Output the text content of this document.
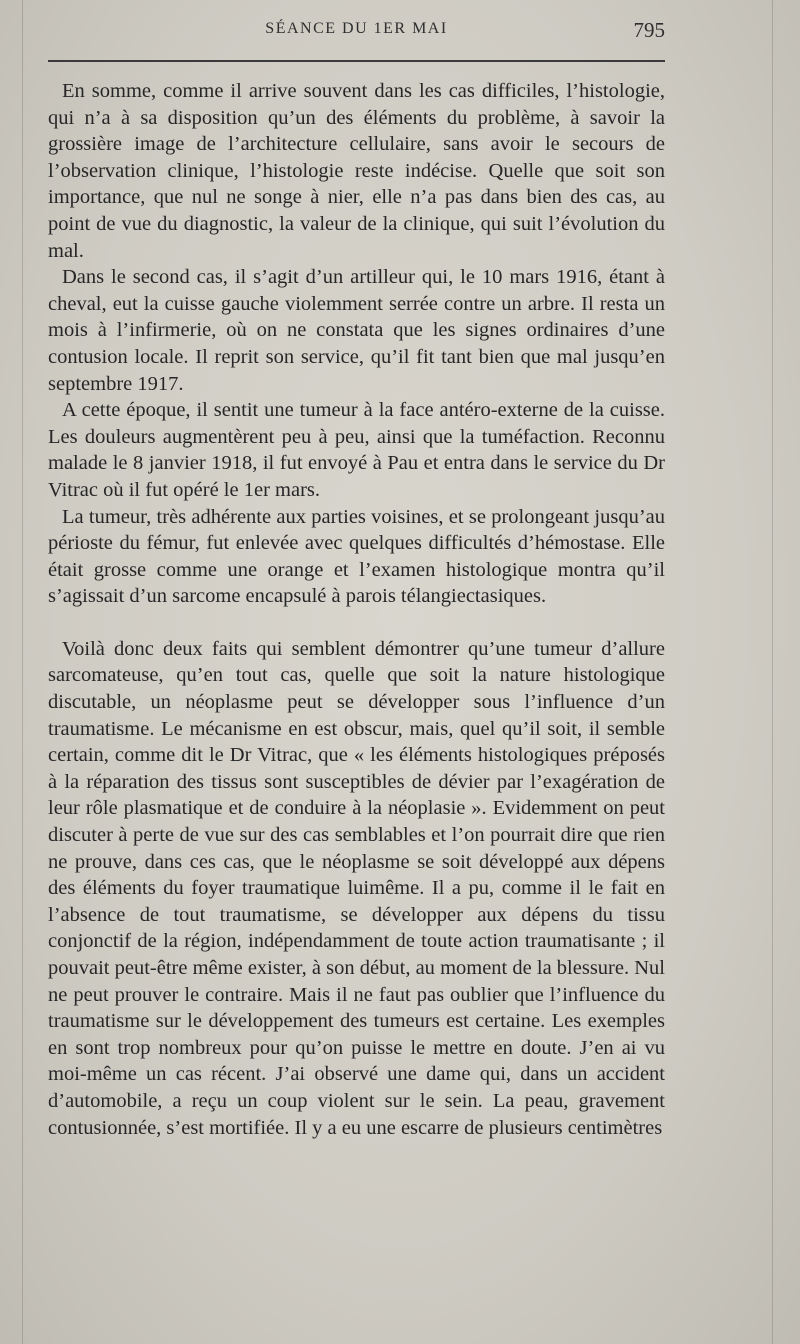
SÉANCE DU 1ER MAI	795

En somme, comme il arrive souvent dans les cas difficiles, l’histologie, qui n’a à sa disposition qu’un des éléments du problème, à savoir la grossière image de l’architecture cellulaire, sans avoir le secours de l’observation clinique, l’histologie reste indécise. Quelle que soit son importance, que nul ne songe à nier, elle n’a pas dans bien des cas, au point de vue du diagnostic, la valeur de la clinique, qui suit l’évolution du mal.

Dans le second cas, il s’agit d’un artilleur qui, le 10 mars 1916, étant à cheval, eut la cuisse gauche violemment serrée contre un arbre. Il resta un mois à l’infirmerie, où on ne constata que les signes ordinaires d’une contusion locale. Il reprit son service, qu’il fit tant bien que mal jusqu’en septembre 1917.

A cette époque, il sentit une tumeur à la face antéro-externe de la cuisse. Les douleurs augmentèrent peu à peu, ainsi que la tuméfaction. Reconnu malade le 8 janvier 1918, il fut envoyé à Pau et entra dans le service du Dr Vitrac où il fut opéré le 1er mars.

La tumeur, très adhérente aux parties voisines, et se prolongeant jusqu’au périoste du fémur, fut enlevée avec quelques difficultés d’hémostase. Elle était grosse comme une orange et l’examen histologique montra qu’il s’agissait d’un sarcome encapsulé à parois télangiectasiques.

Voilà donc deux faits qui semblent démontrer qu’une tumeur d’allure sarcomateuse, qu’en tout cas, quelle que soit la nature histologique discutable, un néoplasme peut se développer sous l’influence d’un traumatisme. Le mécanisme en est obscur, mais, quel qu’il soit, il semble certain, comme dit le Dr Vitrac, que « les éléments histologiques préposés à la réparation des tissus sont susceptibles de dévier par l’exagération de leur rôle plasmatique et de conduire à la néoplasie ». Evidemment on peut discuter à perte de vue sur des cas semblables et l’on pourrait dire que rien ne prouve, dans ces cas, que le néoplasme se soit développé aux dépens des éléments du foyer traumatique luimême. Il a pu, comme il le fait en l’absence de tout traumatisme, se développer aux dépens du tissu conjonctif de la région, indépendamment de toute action traumatisante ; il pouvait peut-être même exister, à son début, au moment de la blessure. Nul ne peut prouver le contraire. Mais il ne faut pas oublier que l’influence du traumatisme sur le développement des tumeurs est certaine. Les exemples en sont trop nombreux pour qu’on puisse le mettre en doute. J’en ai vu moi-même un cas récent. J’ai observé une dame qui, dans un accident d’automobile, a reçu un coup violent sur le sein. La peau, gravement contusionnée, s’est mortifiée. Il y a eu une escarre de plusieurs centimètres
